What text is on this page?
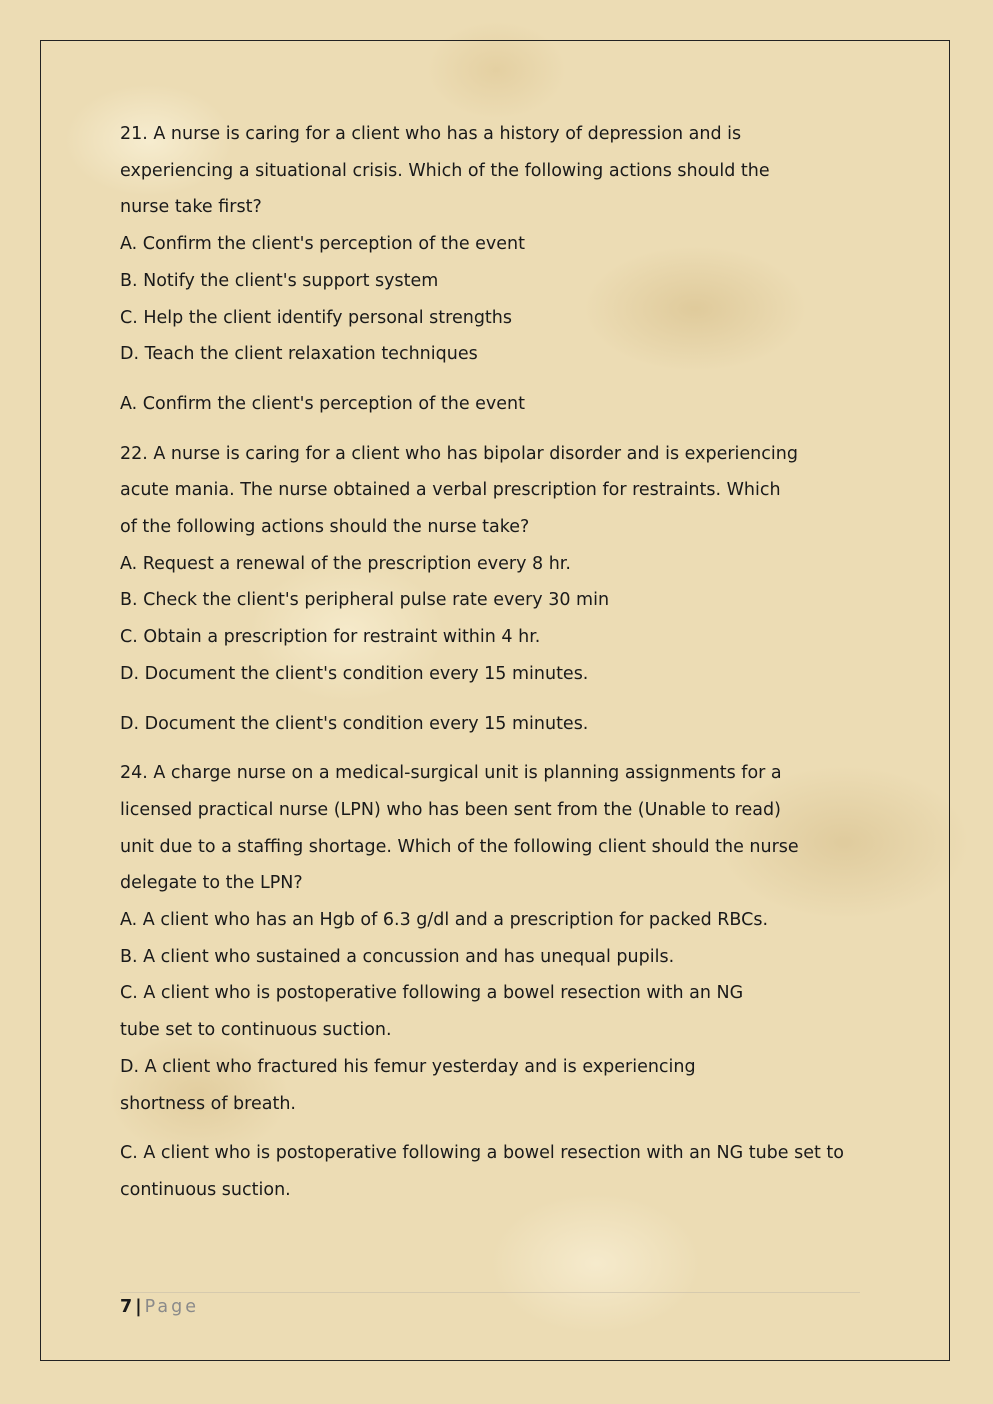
21. A nurse is caring for a client who has a history of depression and is
experiencing a situational crisis. Which of the following actions should the
nurse take first?
A. Confirm the client's perception of the event
B. Notify the client's support system
C. Help the client identify personal strengths
D. Teach the client relaxation techniques
A. Confirm the client's perception of the event
22. A nurse is caring for a client who has bipolar disorder and is experiencing
acute mania. The nurse obtained a verbal prescription for restraints. Which
of the following actions should the nurse take?
A. Request a renewal of the prescription every 8 hr.
B. Check the client's peripheral pulse rate every 30 min
C. Obtain a prescription for restraint within 4 hr.
D. Document the client's condition every 15 minutes.
D. Document the client's condition every 15 minutes.
24. A charge nurse on a medical-surgical unit is planning assignments for a
licensed practical nurse (LPN) who has been sent from the (Unable to read)
unit due to a staffing shortage. Which of the following client should the nurse
delegate to the LPN?
A. A client who has an Hgb of 6.3 g/dl and a prescription for packed RBCs.
B. A client who sustained a concussion and has unequal pupils.
C. A client who is postoperative following a bowel resection with an NG
tube set to continuous suction.
D. A client who fractured his femur yesterday and is experiencing
shortness of breath.
C. A client who is postoperative following a bowel resection with an NG tube set to
continuous suction.
7 | Page
